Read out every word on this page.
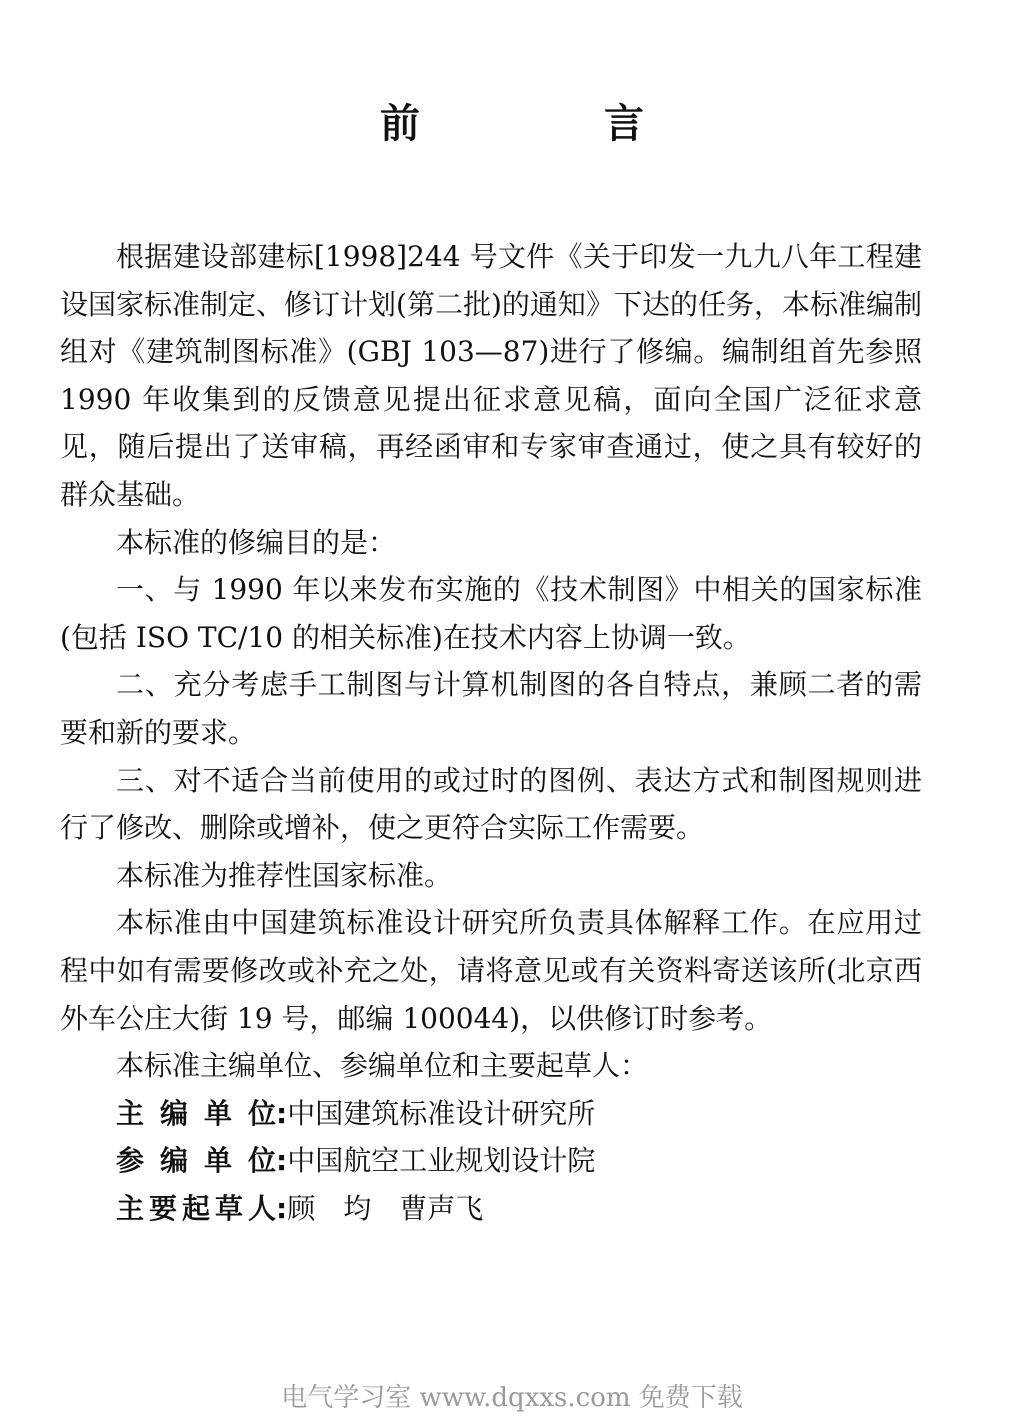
前　言

根据建设部建标[1998]244 号文件《关于印发一九九八年工程建设国家标准制定、修订计划(第二批)的通知》下达的任务，本标准编制组对《建筑制图标准》(GBJ 103—87)进行了修编。编制组首先参照 1990 年收集到的反馈意见提出征求意见稿，面向全国广泛征求意见，随后提出了送审稿，再经函审和专家审查通过，使之具有较好的群众基础。

本标准的修编目的是：

一、与 1990 年以来发布实施的《技术制图》中相关的国家标准(包括 ISO TC/10 的相关标准)在技术内容上协调一致。

二、充分考虑手工制图与计算机制图的各自特点，兼顾二者的需要和新的要求。

三、对不适合当前使用的或过时的图例、表达方式和制图规则进行了修改、删除或增补，使之更符合实际工作需要。

本标准为推荐性国家标准。

本标准由中国建筑标准设计研究所负责具体解释工作。在应用过程中如有需要修改或补充之处，请将意见或有关资料寄送该所(北京西外车公庄大街 19 号，邮编 100044)，以供修订时参考。

本标准主编单位、参编单位和主要起草人：

主编单位 : 中国建筑标准设计研究所
参编单位 : 中国航空工业规划设计院
主要起草人 : 顾　均　曹声飞
电气学习室 www.dqxxs.com 免费下载
